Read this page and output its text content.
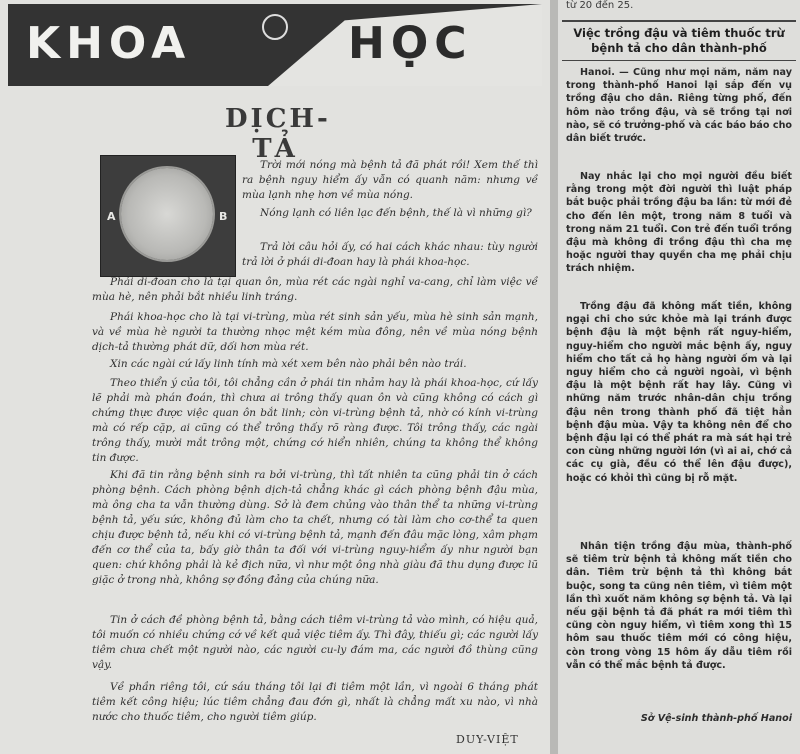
KHOA	HỌC
DỊCH-TẢ
A	B

Trời mới nóng mà bệnh tả đã phát rồi! Xem thế thì ra bệnh nguy hiểm ấy vẫn có quanh năm: nhưng về mùa lạnh nhẹ hơn về mùa nóng.

Nóng lạnh có liên lạc đến bệnh, thế là vì những gì?

Trả lời câu hỏi ấy, có hai cách khác nhau: tùy người trả lời ở phái di-đoan hay là phái khoa-học.

Phái di-đoan cho là tại quan ôn, mùa rét các ngài nghỉ va-cang, chỉ làm việc về mùa hè, nên phải bắt nhiều linh tráng.

Phái khoa-học cho là tại vi-trùng, mùa rét sinh sản yếu, mùa hè sinh sản mạnh, và về mùa hè người ta thường nhọc mệt kém mùa đông, nên về mùa nóng bệnh dịch-tả thường phát dữ, dối hơn mùa rét.

Xin các ngài cứ lấy linh tính mà xét xem bên nào phải bên nào trái.

Theo thiển ý của tôi, tôi chẳng cần ở phái tin nhảm hay là phái khoa-học, cứ lấy lẽ phải mà phán đoán, thì chưa ai trông thấy quan ôn và cũng không có cách gì chứng thực được việc quan ôn bắt linh; còn vi-trùng bệnh tả, nhờ có kính vi-trùng mà có rếp cặp, ai cũng có thể trông thấy rõ ràng được. Tôi trông thấy, các ngài trông thấy, mười mắt trông một, chứng cớ hiển nhiên, chúng ta không thể không tin được.

Khi đã tin rằng bệnh sinh ra bởi vi-trùng, thì tất nhiên ta cũng phải tin ở cách phòng bệnh. Cách phòng bệnh dịch-tả chẳng khác gì cách phòng bệnh đậu mùa, mà ông cha ta vẫn thường dùng. Sở là đem chủng vào thân thể ta những vi-trùng bệnh tả, yếu sức, không đủ làm cho ta chết, nhưng có tài làm cho cơ-thể ta quen chịu được bệnh tả, nếu khi có vi-trùng bệnh tả, mạnh đến đâu mặc lòng, xâm phạm đến cơ thể của ta, bấy giờ thân ta đối với vi-trùng nguy-hiểm ấy như người bạn quen: chứ không phải là kẻ địch nữa, vì như một ông nhà giàu đã thu dụng được lũ giặc ở trong nhà, không sợ đồng đảng của chúng nữa.

Tin ở cách đề phòng bệnh tả, bằng cách tiêm vi-trùng tả vào mình, có hiệu quả, tôi muốn có nhiều chứng cớ về kết quả việc tiêm ấy. Thì đây, thiếu gì; các người lấy tiêm chưa chết một người nào, các người cu-ly đám ma, các người đồ thùng cũng vậy.

Về phần riêng tôi, cứ sáu tháng tôi lại đi tiêm một lần, vì ngoài 6 tháng phát tiêm kết công hiệu; lúc tiêm chẳng đau đớn gì, nhất là chẳng mất xu nào, vì nhà nước cho thuốc tiêm, cho người tiêm giúp.

DUY-VIỆT
từ 20 đến 25.
Việc trồng đậu và tiêm thuốc trừ bệnh tả cho dân thành-phố

Hanoi. — Cũng như mọi năm, năm nay trong thành-phố Hanoi lại sắp đến vụ trồng đậu cho dân. Riêng từng phố, đến hôm nào trồng đậu, và sẽ trồng tại nơi nào, sẽ có trưởng-phố và các báo báo cho dân biết trước.

Nay nhắc lại cho mọi người đều biết rằng trong một đời người thì luật pháp bắt buộc phải trồng đậu ba lần: từ mới đẻ cho đến lên một, trong năm 8 tuổi và trong năm 21 tuổi. Con trẻ đến tuổi trồng đậu mà không đi trồng đậu thì cha mẹ hoặc người thay quyền cha mẹ phải chịu trách nhiệm.

Trồng đậu đã không mất tiền, không ngại chi cho sức khỏe mà lại tránh được bệnh đậu là một bệnh rất nguy-hiểm, nguy-hiểm cho người mắc bệnh ấy, nguy hiểm cho tất cả họ hàng người ốm và lại nguy hiểm cho cả người ngoài, vì bệnh đậu là một bệnh rất hay lây. Cũng vì những năm trước nhân-dân chịu trồng đậu nên trong thành phố đã tiệt hẳn bệnh đậu mùa. Vậy ta không nên để cho bệnh đậu lại có thể phát ra mà sát hại trẻ con cùng những người lớn (vì ai ai, chớ cả các cụ già, đều có thể lên đậu được), hoặc có khỏi thì cũng bị rỗ mặt.

Nhân tiện trồng đậu mùa, thành-phố sẽ tiêm trừ bệnh tả không mất tiền cho dân. Tiêm trừ bệnh tả thì không bắt buộc, song ta cũng nên tiêm, vì tiêm một lần thì xuốt năm không sợ bệnh tả. Và lại nếu gặi bệnh tả đã phát ra mới tiêm thì cũng còn nguy hiểm, vì tiêm xong thì 15 hôm sau thuốc tiêm mới có công hiệu, còn trong vòng 15 hôm ấy dẫu tiêm rồi vẫn có thể mắc bệnh tả được.

Sở Vệ-sinh thành-phố Hanoi
